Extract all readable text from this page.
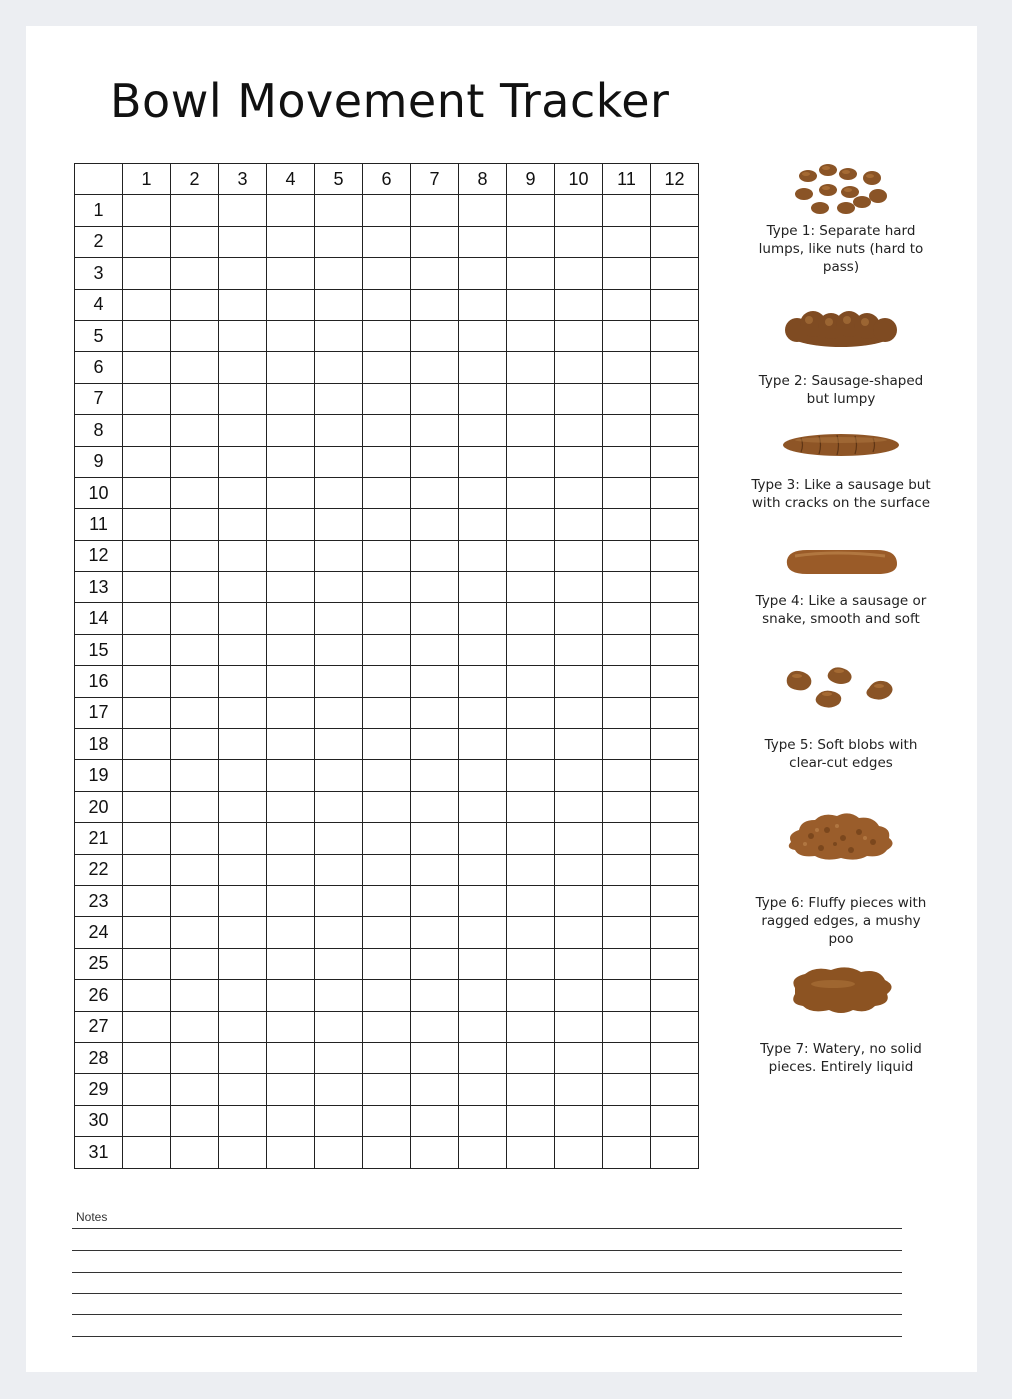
Bowl Movement Tracker
	1	2	3	4	5	6	7	8	9	10	11	12
1												
2												
3												
4												
5												
6												
7												
8												
9												
10												
11												
12												
13												
14												
15												
16												
17												
18												
19												
20												
21												
22												
23												
24												
25												
26												
27												
28												
29												
30												
31												
Type 1: Separate hard lumps, like nuts (hard to pass)
Type 2: Sausage-shaped but lumpy
Type 3: Like a sausage but with cracks on the surface
Type 4: Like a sausage or snake, smooth and soft
Type 5: Soft blobs with clear-cut edges
Type 6: Fluffy pieces with ragged edges, a mushy poo
Type 7: Watery, no solid pieces. Entirely liquid
Notes
